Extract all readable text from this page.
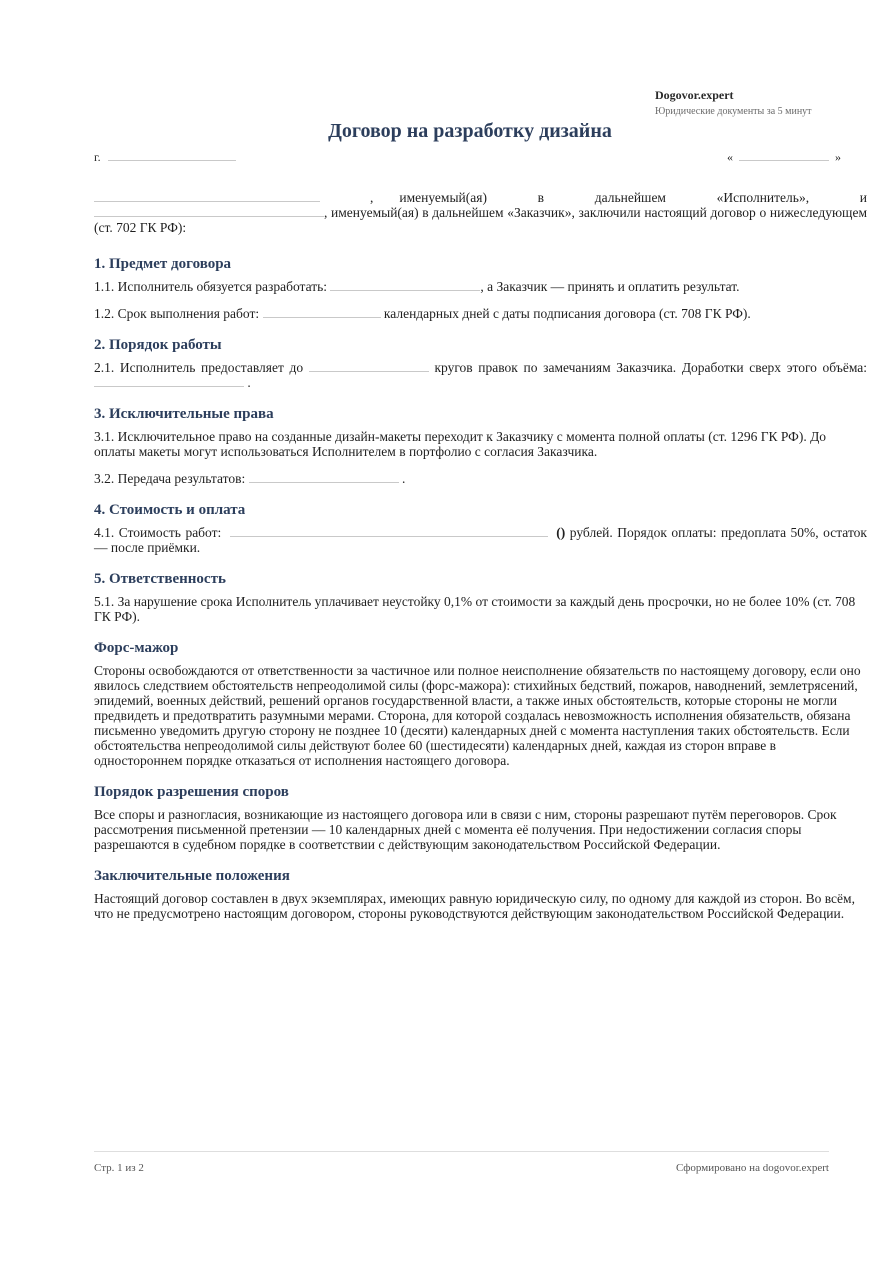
Dogovor.expert
Юридические документы за 5 минут
Договор на разработку дизайна
г.	«	»

, именуемый(ая) в дальнейшем «Исполнитель», и

, именуемый(ая) в дальнейшем «Заказчик», заключили настоящий договор о нижеследующем (ст. 702 ГК РФ):

1. Предмет договора

1.1. Исполнитель обязуется разработать:	, а Заказчик — принять и оплатить результат.

1.2. Срок выполнения работ:	календарных дней с даты подписания договора (ст. 708 ГК РФ).

2. Порядок работы

2.1. Исполнитель предоставляет до	кругов правок по замечаниям Заказчика. Доработки сверх этого объёма:  .

3. Исключительные права

3.1. Исключительное право на созданные дизайн-макеты переходит к Заказчику с момента полной оплаты (ст. 1296 ГК РФ). До оплаты макеты могут использоваться Исполнителем в портфолио с согласия Заказчика.

3.2. Передача результатов:	.

4. Стоимость и оплата

4.1. Стоимость работ:	() рублей. Порядок оплаты: предоплата 50%, остаток — после приёмки.

5. Ответственность

5.1. За нарушение срока Исполнитель уплачивает неустойку 0,1% от стоимости за каждый день просрочки, но не более 10% (ст. 708 ГК РФ).

Форс-мажор

Стороны освобождаются от ответственности за частичное или полное неисполнение обязательств по настоящему договору, если оно явилось следствием обстоятельств непреодолимой силы (форс-мажора): стихийных бедствий, пожаров, наводнений, землетрясений, эпидемий, военных действий, решений органов государственной власти, а также иных обстоятельств, которые стороны не могли предвидеть и предотвратить разумными мерами. Сторона, для которой создалась невозможность исполнения обязательств, обязана письменно уведомить другую сторону не позднее 10 (десяти) календарных дней с момента наступления таких обстоятельств. Если обстоятельства непреодолимой силы действуют более 60 (шестидесяти) календарных дней, каждая из сторон вправе в одностороннем порядке отказаться от исполнения настоящего договора.

Порядок разрешения споров

Все споры и разногласия, возникающие из настоящего договора или в связи с ним, стороны разрешают путём переговоров. Срок рассмотрения письменной претензии — 10 календарных дней с момента её получения. При недостижении согласия споры разрешаются в судебном порядке в соответствии с действующим законодательством Российской Федерации.

Заключительные положения

Настоящий договор составлен в двух экземплярах, имеющих равную юридическую силу, по одному для каждой из сторон. Во всём, что не предусмотрено настоящим договором, стороны руководствуются действующим законодательством Российской Федерации.

Стр. 1 из 2	Сформировано на dogovor.expert
